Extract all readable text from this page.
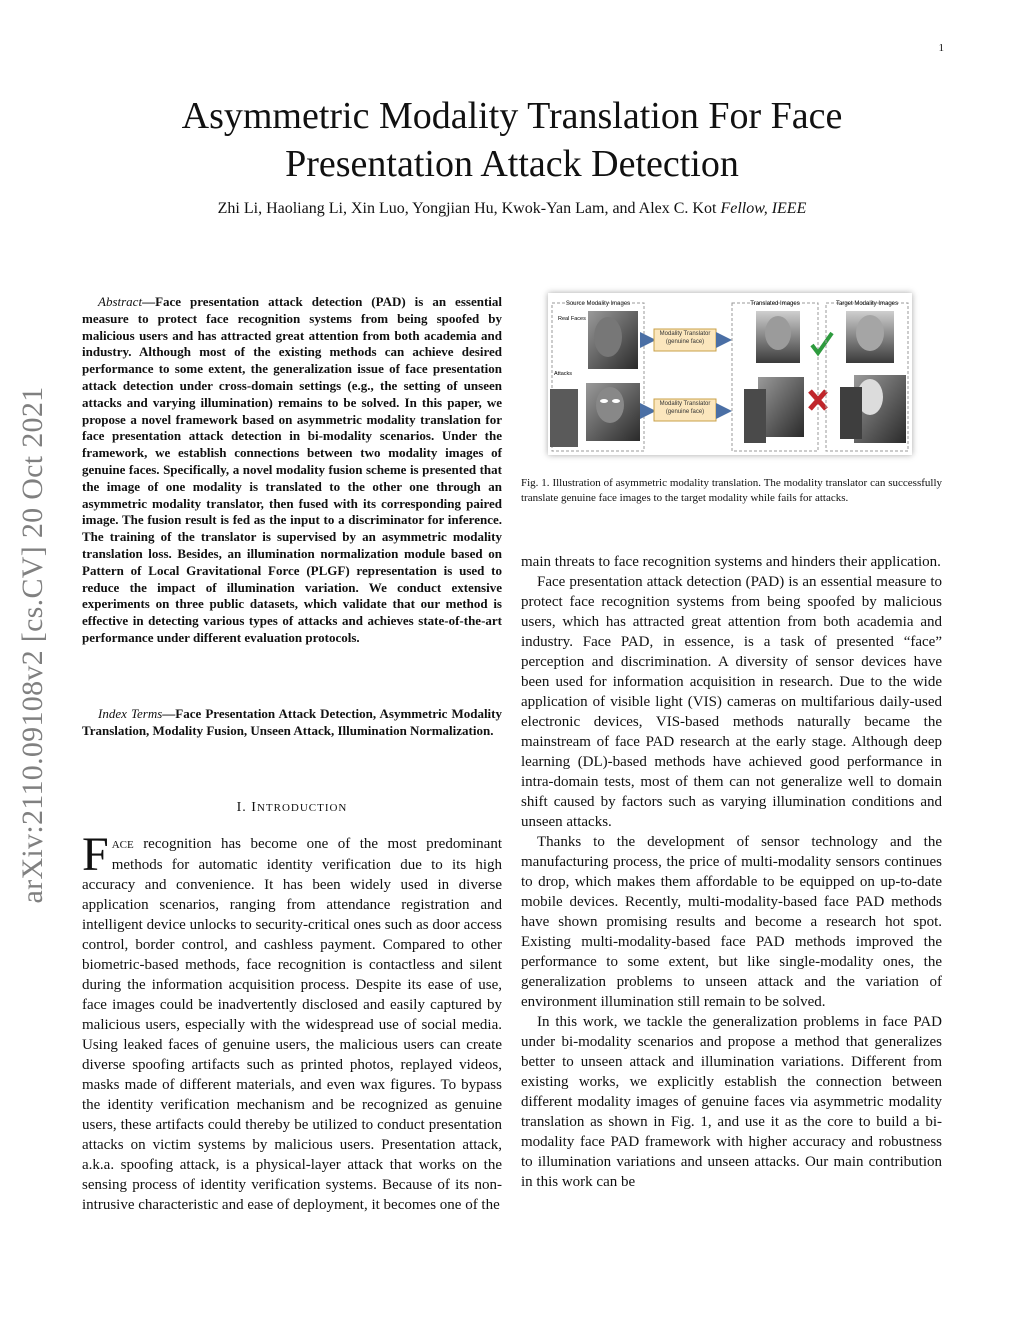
1
Asymmetric Modality Translation For Face Presentation Attack Detection
Zhi Li, Haoliang Li, Xin Luo, Yongjian Hu, Kwok-Yan Lam, and Alex C. Kot Fellow, IEEE
arXiv:2110.09108v2 [cs.CV] 20 Oct 2021
Abstract—Face presentation attack detection (PAD) is an essential measure to protect face recognition systems from being spoofed by malicious users and has attracted great attention from both academia and industry. Although most of the existing methods can achieve desired performance to some extent, the generalization issue of face presentation attack detection under cross-domain settings (e.g., the setting of unseen attacks and varying illumination) remains to be solved. In this paper, we propose a novel framework based on asymmetric modality translation for face presentation attack detection in bi-modality scenarios. Under the framework, we establish connections between two modality images of genuine faces. Specifically, a novel modality fusion scheme is presented that the image of one modality is translated to the other one through an asymmetric modality translator, then fused with its corresponding paired image. The fusion result is fed as the input to a discriminator for inference. The training of the translator is supervised by an asymmetric modality translation loss. Besides, an illumination normalization module based on Pattern of Local Gravitational Force (PLGF) representation is used to reduce the impact of illumination variation. We conduct extensive experiments on three public datasets, which validate that our method is effective in detecting various types of attacks and achieves state-of-the-art performance under different evaluation protocols.
Index Terms—Face Presentation Attack Detection, Asymmetric Modality Translation, Modality Fusion, Unseen Attack, Illumination Normalization.
I. INTRODUCTION

FACE recognition has become one of the most predominant methods for automatic identity verification due to its high accuracy and convenience. It has been widely used in diverse application scenarios, ranging from attendance registration and intelligent device unlocks to security-critical ones such as door access control, border control, and cashless payment. Compared to other biometric-based methods, face recognition is contactless and silent during the information acquisition process. Despite its ease of use, face images could be inadvertently disclosed and easily captured by malicious users, especially with the widespread use of social media. Using leaked faces of genuine users, the malicious users can create diverse spoofing artifacts such as printed photos, replayed videos, masks made of different materials, and even wax figures. To bypass the identity verification mechanism and be recognized as genuine users, these artifacts could thereby be utilized to conduct presentation attacks on victim systems by malicious users. Presentation attack, a.k.a. spoofing attack, is a physical-layer attack that works on the sensing process of identity verification systems. Because of its non-intrusive characteristic and ease of deployment, it becomes one of the

Source Modality Images
Real Faces
Attacks
Modality Translator (genuine face)
Modality Translator (genuine face)
Translated Images	Target Modality Images
Fig. 1. Illustration of asymmetric modality translation. The modality translator can successfully translate genuine face images to the target modality while fails for attacks.

main threats to face recognition systems and hinders their application.

Face presentation attack detection (PAD) is an essential measure to protect face recognition systems from being spoofed by malicious users, which has attracted great attention from both academia and industry. Face PAD, in essence, is a task of presented “face” perception and discrimination. A diversity of sensor devices have been used for information acquisition in research. Due to the wide application of visible light (VIS) cameras on multifarious daily-used electronic devices, VIS-based methods naturally became the mainstream of face PAD research at the early stage. Although deep learning (DL)-based methods have achieved good performance in intra-domain tests, most of them can not generalize well to domain shift caused by factors such as varying illumination conditions and unseen attacks.

Thanks to the development of sensor technology and the manufacturing process, the price of multi-modality sensors continues to drop, which makes them affordable to be equipped on up-to-date mobile devices. Recently, multi-modality-based face PAD methods have shown promising results and become a research hot spot. Existing multi-modality-based face PAD methods improved the performance to some extent, but like single-modality ones, the generalization problems to unseen attack and the variation of environment illumination still remain to be solved.

In this work, we tackle the generalization problems in face PAD under bi-modality scenarios and propose a method that generalizes better to unseen attack and illumination variations. Different from existing works, we explicitly establish the connection between different modality images of genuine faces via asymmetric modality translation as shown in Fig. 1, and use it as the core to build a bi-modality face PAD framework with higher accuracy and robustness to illumination variations and unseen attacks. Our main contribution in this work can be
